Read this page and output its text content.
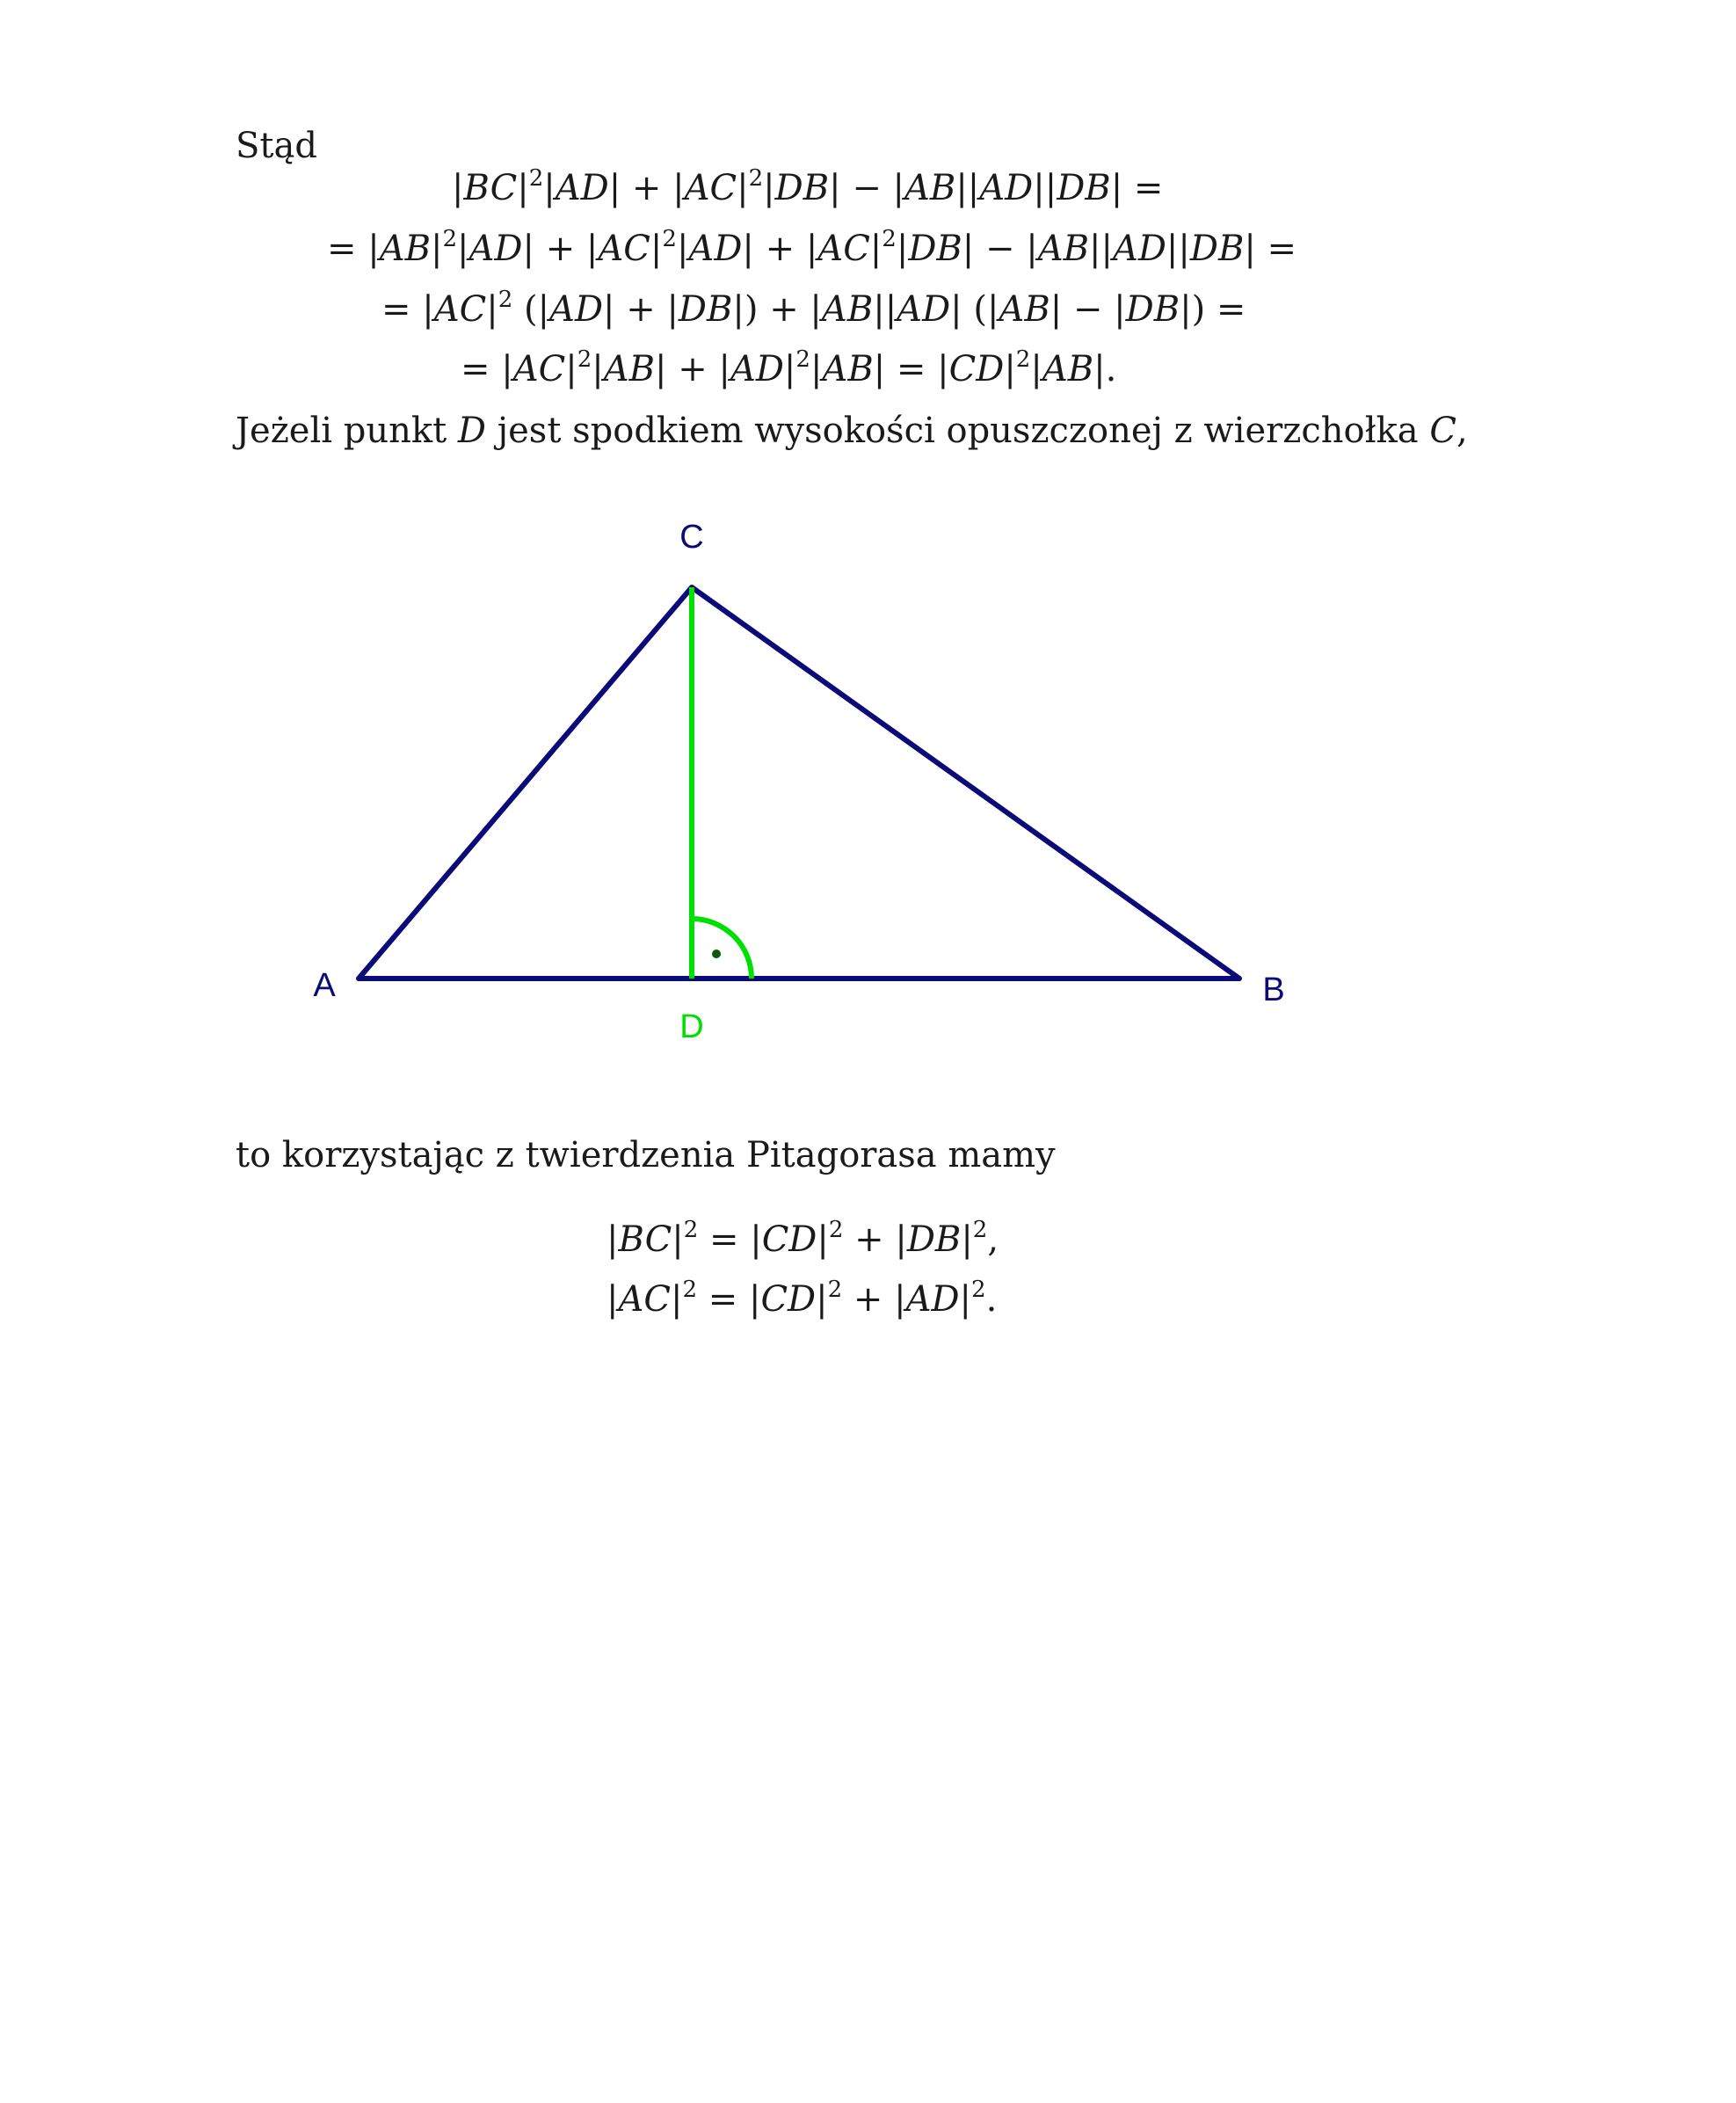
Stąd
$|BC|^2|AD| + |AC|^2|DB| - |AB||AD||DB|$ =
= $|AB|^2|AD| + |AC|^2|AD| + |AC|^2|DB| - |AB||AD||DB|$ =
= $|AC|^2$ (|AD| + |DB|) + |AB||AD| (|AB| − |DB|) =
= $|AC|^2|AB| + |AD|^2|AB| = |CD|^2|AB|$.
Jeżeli punkt D jest spodkiem wysokości opuszczonej z wierzchołka C,
C
A	B
D
to korzystając z twierdzenia Pitagorasa mamy
$|BC|^2 = |CD|^2 + |DB|^2$,
$|AC|^2 = |CD|^2 + |AD|^2$.
